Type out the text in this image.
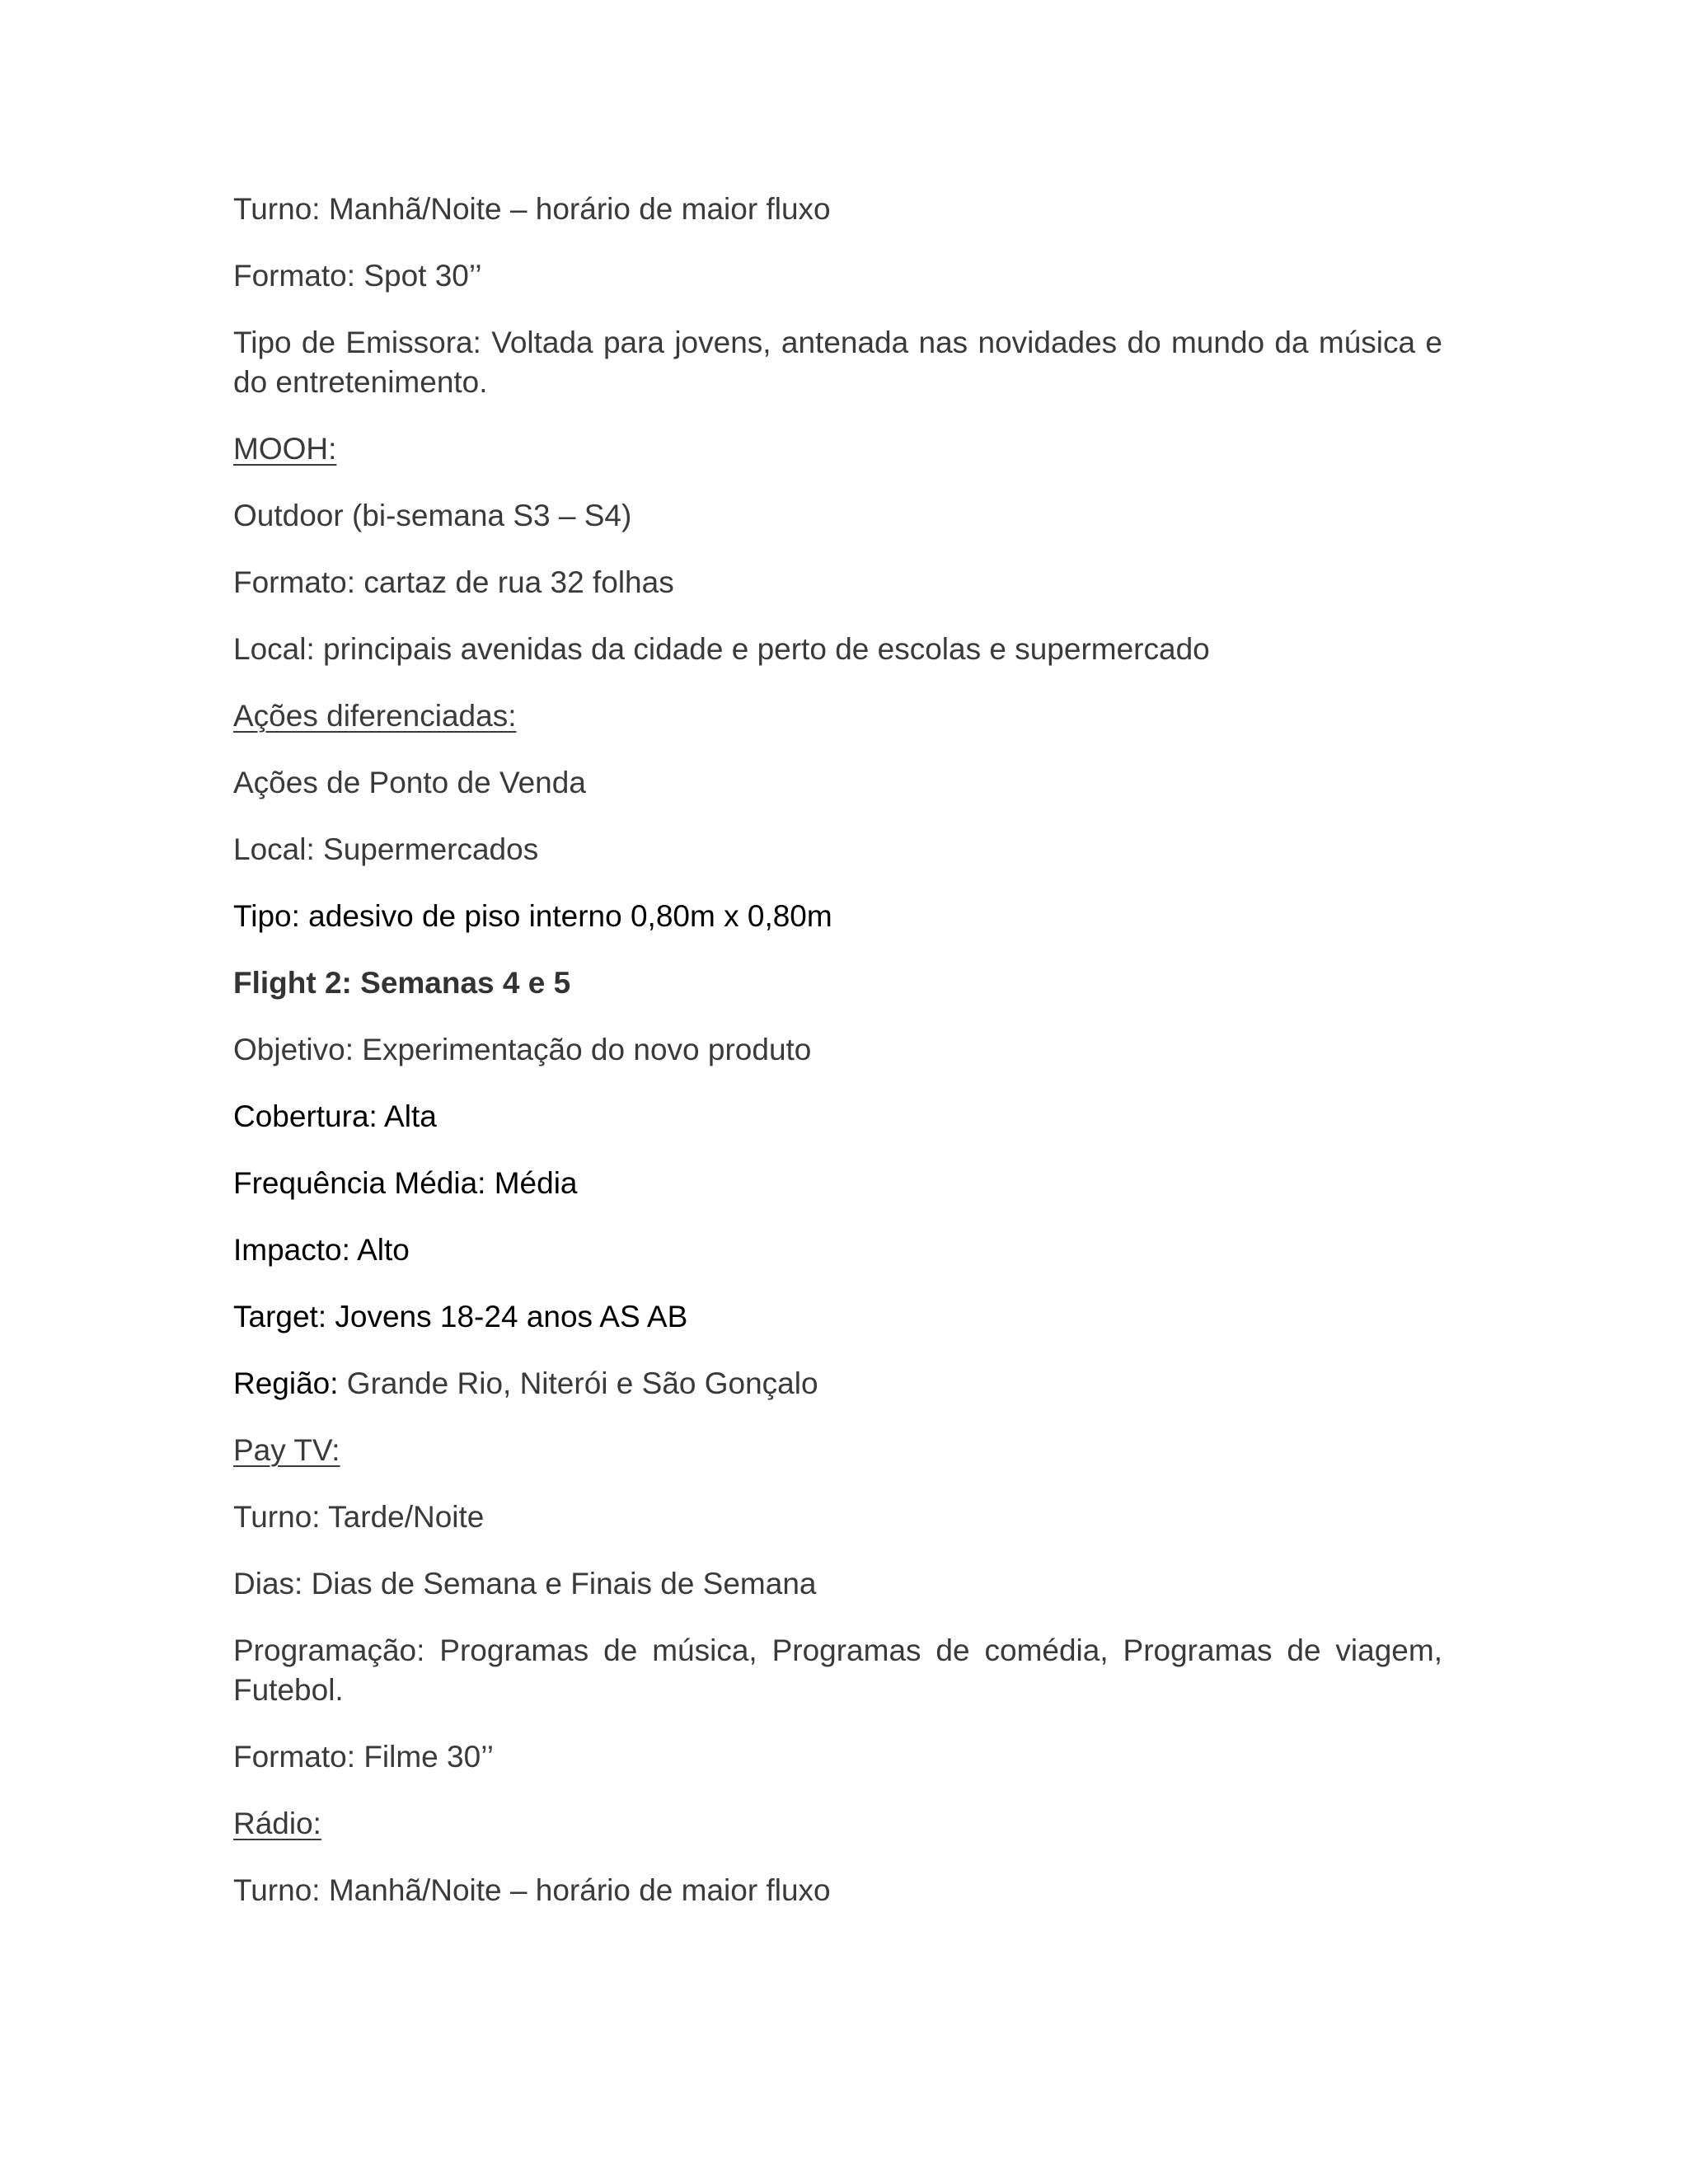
Turno: Manhã/Noite – horário de maior fluxo

Formato: Spot 30’’

Tipo de Emissora: Voltada para jovens, antenada nas novidades do mundo da música e do entretenimento.

MOOH:

Outdoor (bi-semana S3 – S4)

Formato: cartaz de rua 32 folhas

Local: principais avenidas da cidade e perto de escolas e supermercado

Ações diferenciadas:

Ações de Ponto de Venda

Local: Supermercados

Tipo: adesivo de piso interno 0,80m x 0,80m

Flight 2: Semanas 4 e 5

Objetivo: Experimentação do novo produto

Cobertura: Alta

Frequência Média: Média

Impacto: Alto

Target: Jovens 18-24 anos AS AB

Região: Grande Rio, Niterói e São Gonçalo

Pay TV:

Turno: Tarde/Noite

Dias: Dias de Semana e Finais de Semana

Programação: Programas de música, Programas de comédia, Programas de viagem, Futebol.

Formato: Filme 30’’

Rádio:

Turno: Manhã/Noite – horário de maior fluxo
